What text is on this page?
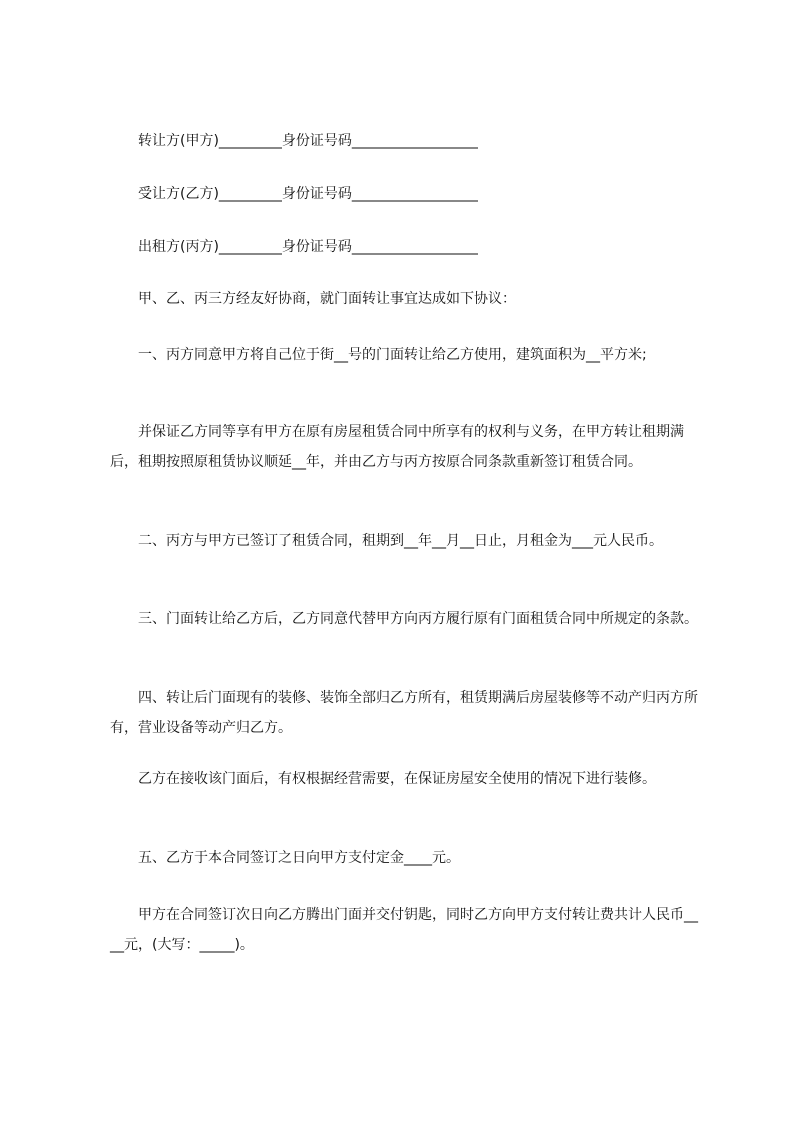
转让方(甲方)_________身份证号码__________________

受让方(乙方)_________身份证号码__________________

出租方(丙方)_________身份证号码__________________

甲、乙、丙三方经友好协商，就门面转让事宜达成如下协议：

一、丙方同意甲方将自己位于街__号的门面转让给乙方使用，建筑面积为__平方米;

并保证乙方同等享有甲方在原有房屋租赁合同中所享有的权利与义务，在甲方转让租期满后，租期按照原租赁协议顺延__年，并由乙方与丙方按原合同条款重新签订租赁合同。

二、丙方与甲方已签订了租赁合同，租期到__年__月__日止，月租金为___元人民币。

三、门面转让给乙方后，乙方同意代替甲方向丙方履行原有门面租赁合同中所规定的条款。

四、转让后门面现有的装修、装饰全部归乙方所有，租赁期满后房屋装修等不动产归丙方所有，营业设备等动产归乙方。

乙方在接收该门面后，有权根据经营需要，在保证房屋安全使用的情况下进行装修。

五、乙方于本合同签订之日向甲方支付定金____元。

甲方在合同签订次日向乙方腾出门面并交付钥匙，同时乙方向甲方支付转让费共计人民币____元，(大写：_____)。
